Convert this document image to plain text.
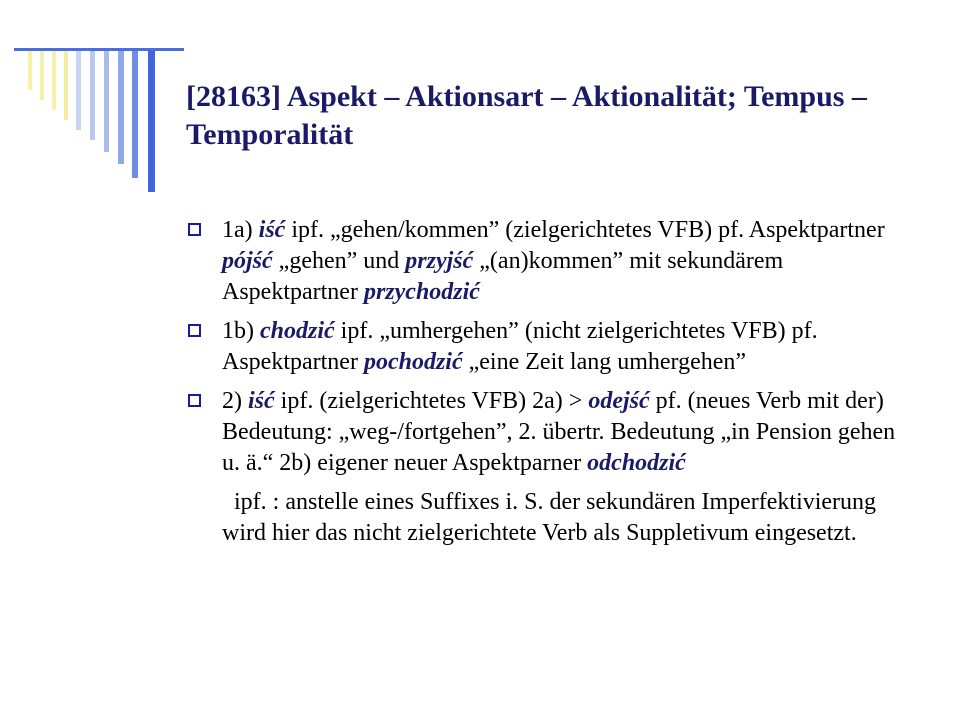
[28163] Aspekt – Aktionsart – Aktionalität; Tempus – Temporalität
1a) iść ipf. „gehen/kommen” (zielgerichtetes VFB) pf. Aspektpartner pójść „gehen” und przyjść „(an)kommen” mit sekundärem Aspektpartner przychodzić
1b) chodzić ipf. „umhergehen” (nicht zielgerichtetes VFB) pf. Aspektpartner pochodzić „eine Zeit lang umhergehen”
2) iść ipf. (zielgerichtetes VFB) 2a) > odejść pf. (neues Verb mit der) Bedeutung: „weg-/fortgehen”, 2. übertr. Bedeutung „in Pension gehen u. ä.“ 2b) eigener neuer Aspektparner odchodzić
ipf. : anstelle eines Suffixes i. S. der sekundären Imperfektivierung wird hier das nicht zielgerichtete Verb als Suppletivum eingesetzt.
